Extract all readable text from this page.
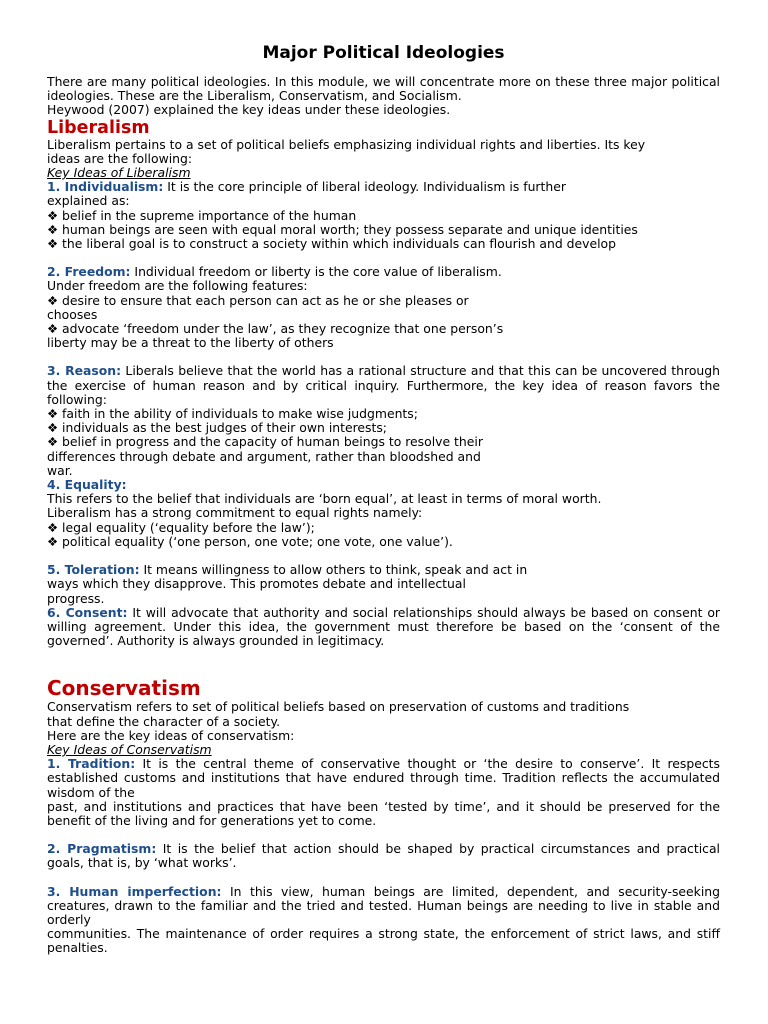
Major Political Ideologies

There are many political ideologies. In this module, we will concentrate more on these three major political ideologies. These are the Liberalism, Conservatism, and Socialism.

Heywood (2007) explained the key ideas under these ideologies.

Liberalism

Liberalism pertains to a set of political beliefs emphasizing individual rights and liberties. Its key

ideas are the following:

Key Ideas of Liberalism

1. Individualism: It is the core principle of liberal ideology. Individualism is further

explained as:

❖ belief in the supreme importance of the human

❖ human beings are seen with equal moral worth; they possess separate and unique identities

❖ the liberal goal is to construct a society within which individuals can flourish and develop

2. Freedom: Individual freedom or liberty is the core value of liberalism.

Under freedom are the following features:

❖ desire to ensure that each person can act as he or she pleases or

chooses

❖ advocate ‘freedom under the law’, as they recognize that one person’s

liberty may be a threat to the liberty of others

3. Reason: Liberals believe that the world has a rational structure and that this can be uncovered through the exercise of human reason and by critical inquiry. Furthermore, the key idea of reason favors the following:

❖ faith in the ability of individuals to make wise judgments;

❖ individuals as the best judges of their own interests;

❖ belief in progress and the capacity of human beings to resolve their

differences through debate and argument, rather than bloodshed and

war.

4. Equality:

This refers to the belief that individuals are ‘born equal’, at least in terms of moral worth.

Liberalism has a strong commitment to equal rights namely:

❖ legal equality (‘equality before the law’);

❖ political equality (‘one person, one vote; one vote, one value’).

5. Toleration: It means willingness to allow others to think, speak and act in

ways which they disapprove. This promotes debate and intellectual

progress.

6. Consent: It will advocate that authority and social relationships should always be based on consent or willing agreement. Under this idea, the government must therefore be based on the ‘consent of the governed’. Authority is always grounded in legitimacy.

Conservatism

Conservatism refers to set of political beliefs based on preservation of customs and traditions

that define the character of a society.

Here are the key ideas of conservatism:

Key Ideas of Conservatism

1. Tradition: It is the central theme of conservative thought or ‘the desire to conserve’. It respects established customs and institutions that have endured through time. Tradition reflects the accumulated wisdom of the

past, and institutions and practices that have been ‘tested by time’, and it should be preserved for the benefit of the living and for generations yet to come.

2. Pragmatism: It is the belief that action should be shaped by practical circumstances and practical goals, that is, by ‘what works’.

3. Human imperfection: In this view, human beings are limited, dependent, and security-seeking creatures, drawn to the familiar and the tried and tested. Human beings are needing to live in stable and orderly

communities. The maintenance of order requires a strong state, the enforcement of strict laws, and stiff penalties.
